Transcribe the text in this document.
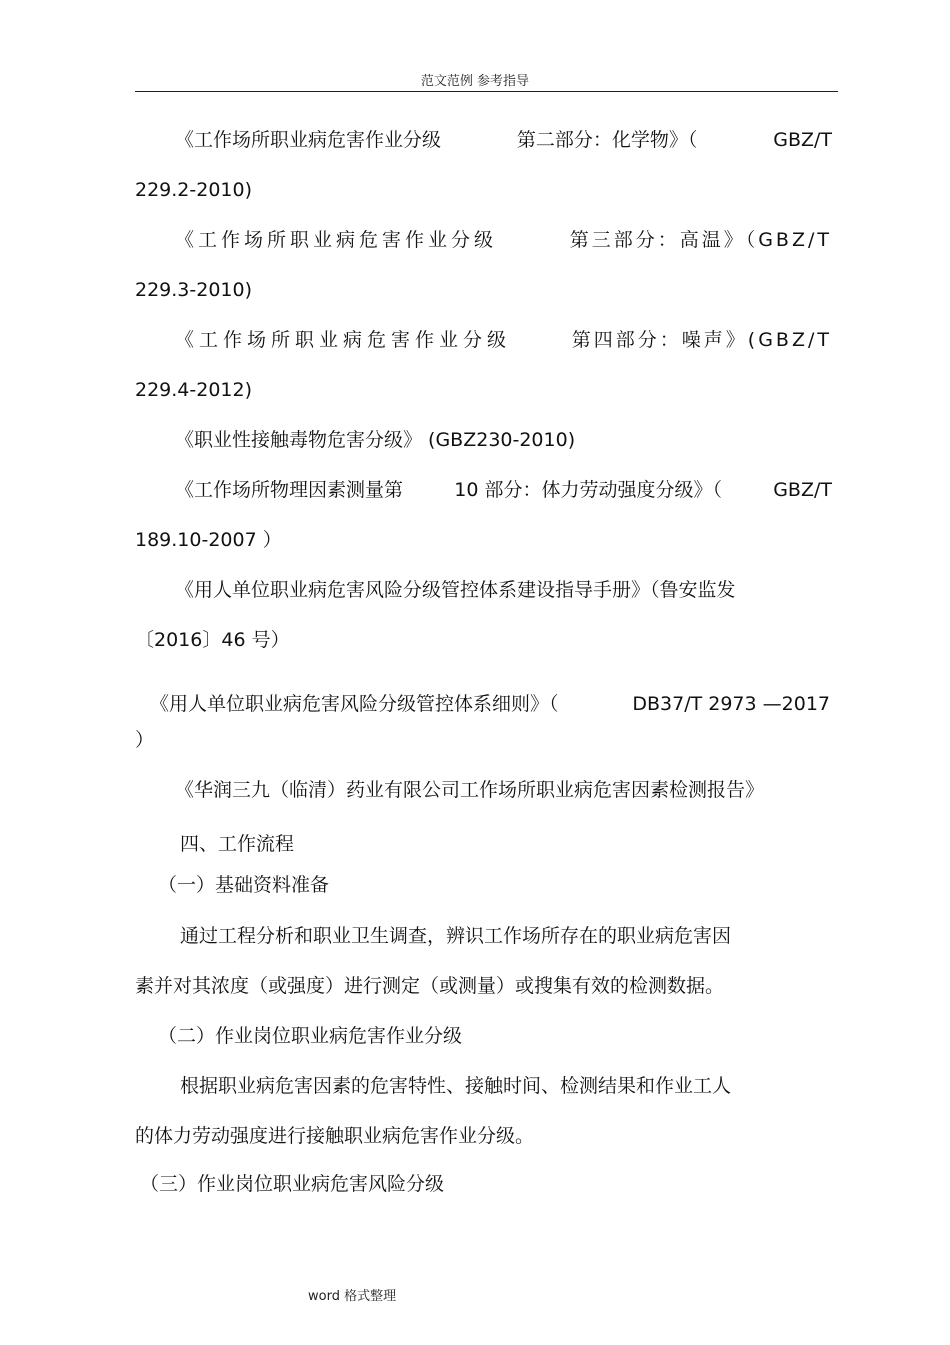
范文范例 参考指导
《工作场所职业病危害作业分级	第二部分：化学物》（	GBZ/T
229.2-2010)
《工作场所职业病危害作业分级	第三部分：高温》（GBZ/T
229.3-2010)
《工作场所职业病危害作业分级	第四部分：噪声》(GBZ/T
229.4-2012)
《职业性接触毒物危害分级》 (GBZ230-2010)
《工作场所物理因素测量第	10 部分：体力劳动强度分级》（	GBZ/T
189.10-2007 ）
《用人单位职业病危害风险分级管控体系建设指导手册》（鲁安监发
〔2016〕46 号）
《用人单位职业病危害风险分级管控体系细则》（	DB37/T 2973 —2017
）
《华润三九（临清）药业有限公司工作场所职业病危害因素检测报告》
四、工作流程
（一）基础资料准备
通过工程分析和职业卫生调查，辨识工作场所存在的职业病危害因
素并对其浓度（或强度）进行测定（或测量）或搜集有效的检测数据。
（二）作业岗位职业病危害作业分级
根据职业病危害因素的危害特性、接触时间、检测结果和作业工人
的体力劳动强度进行接触职业病危害作业分级。
（三）作业岗位职业病危害风险分级
word 格式整理
